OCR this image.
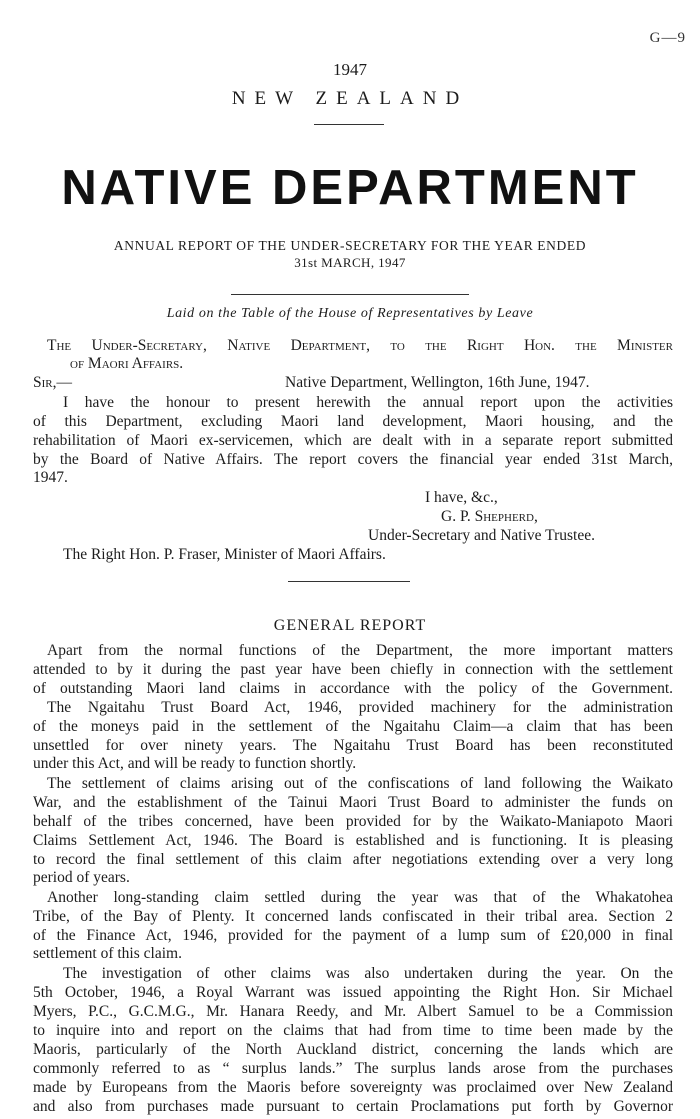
G—9
1947
NEW ZEALAND
NATIVE DEPARTMENT
ANNUAL REPORT OF THE UNDER-SECRETARY FOR THE YEAR ENDED
31st MARCH, 1947
Laid on the Table of the House of Representatives by Leave
The Under-Secretary, Native Department, to the Right Hon. the Minister
of Maori Affairs.
Sir,—	Native Department, Wellington, 16th June, 1947.
I have the honour to present herewith the annual report upon the activities
of this Department, excluding Maori land development, Maori housing, and the
rehabilitation of Maori ex-servicemen, which are dealt with in a separate report submitted
by the Board of Native Affairs. The report covers the financial year ended 31st March,
1947.
I have, &c.,
G. P. Shepherd,
Under-Secretary and Native Trustee.
The Right Hon. P. Fraser, Minister of Maori Affairs.
GENERAL REPORT
Apart from the normal functions of the Department, the more important matters
attended to by it during the past year have been chiefly in connection with the settlement
of outstanding Maori land claims in accordance with the policy of the Government.
The Ngaitahu Trust Board Act, 1946, provided machinery for the administration
of the moneys paid in the settlement of the Ngaitahu Claim—a claim that has been
unsettled for over ninety years. The Ngaitahu Trust Board has been reconstituted
under this Act, and will be ready to function shortly.
The settlement of claims arising out of the confiscations of land following the Waikato
War, and the establishment of the Tainui Maori Trust Board to administer the funds on
behalf of the tribes concerned, have been provided for by the Waikato-Maniapoto Maori
Claims Settlement Act, 1946. The Board is established and is functioning. It is pleasing
to record the final settlement of this claim after negotiations extending over a very long
period of years.
Another long-standing claim settled during the year was that of the Whakatohea
Tribe, of the Bay of Plenty. It concerned lands confiscated in their tribal area. Section 2
of the Finance Act, 1946, provided for the payment of a lump sum of £20,000 in final
settlement of this claim.
The investigation of other claims was also undertaken during the year. On the
5th October, 1946, a Royal Warrant was issued appointing the Right Hon. Sir Michael
Myers, P.C., G.C.M.G., Mr. Hanara Reedy, and Mr. Albert Samuel to be a Commission
to inquire into and report on the claims that had from time to time been made by the
Maoris, particularly of the North Auckland district, concerning the lands which are
commonly referred to as “ surplus lands.” The surplus lands arose from the purchases
made by Europeans from the Maoris before sovereignty was proclaimed over New Zealand
and also from purchases made pursuant to certain Proclamations put forth by Governor
